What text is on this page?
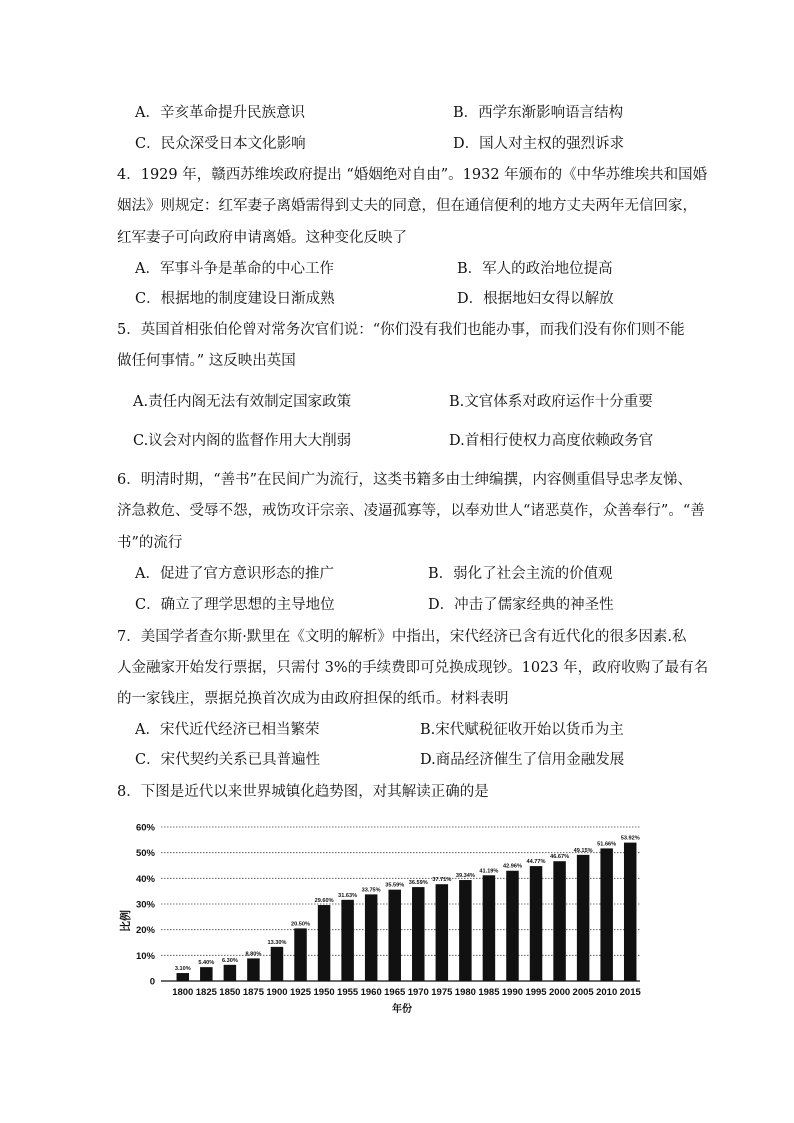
A．辛亥革命提升民族意识	B．西学东渐影响语言结构
C．民众深受日本文化影响	D．国人对主权的强烈诉求
4．1929 年，赣西苏维埃政府提出 “婚姻绝对自由”。1932 年颁布的《中华苏维埃共和国婚
姻法》则规定：红军妻子离婚需得到丈夫的同意，但在通信便利的地方丈夫两年无信回家，
红军妻子可向政府申请离婚。这种变化反映了
A．军事斗争是革命的中心工作	B．军人的政治地位提高
C．根据地的制度建设日渐成熟	D．根据地妇女得以解放
5．英国首相张伯伦曾对常务次官们说：“你们没有我们也能办事，而我们没有你们则不能
做任何事情。” 这反映出英国
A.责任内阁无法有效制定国家政策	B.文官体系对政府运作十分重要
C.议会对内阁的监督作用大大削弱	D.首相行使权力高度依赖政务官
6．明清时期，“善书”在民间广为流行，这类书籍多由士绅编撰，内容侧重倡导忠孝友悌、
济急救危、受辱不怨，戒饬攻讦宗亲、凌逼孤寡等，以奉劝世人“诸恶莫作，众善奉行”。“善
书”的流行
A．促进了官方意识形态的推广	B．弱化了社会主流的价值观
C．确立了理学思想的主导地位	D．冲击了儒家经典的神圣性
7．美国学者查尔斯·默里在《文明的解析》中指出，宋代经济已含有近代化的很多因素.私
人金融家开始发行票据，只需付 3%的手续费即可兑换成现钞。1023 年，政府收购了最有名
的一家钱庄，票据兑换首次成为由政府担保的纸币。材料表明
A．宋代近代经济已相当繁荣	B.宋代赋税征收开始以货币为主
C．宋代契约关系已具普遍性	D.商品经济催生了信用金融发展
8．下图是近代以来世界城镇化趋势图，对其解读正确的是
0
10%
20%
30%
40%
50%
60%
3.10%
5.40% 6.30%
8.80%
13.30%
20.50%
29.60%
31.63%
33.75%
35.59% 36.59% 37.71%
39.34%
41.19%
42.96%
44.77%
46.67%
49.15%
51.66%
53.92%
1800 1825 1850 1875 1900 1925 1950 1955 1960 1965 1970 1975 1980 1985 1990 1995 2000 2005 2010 2015
比例
年份
